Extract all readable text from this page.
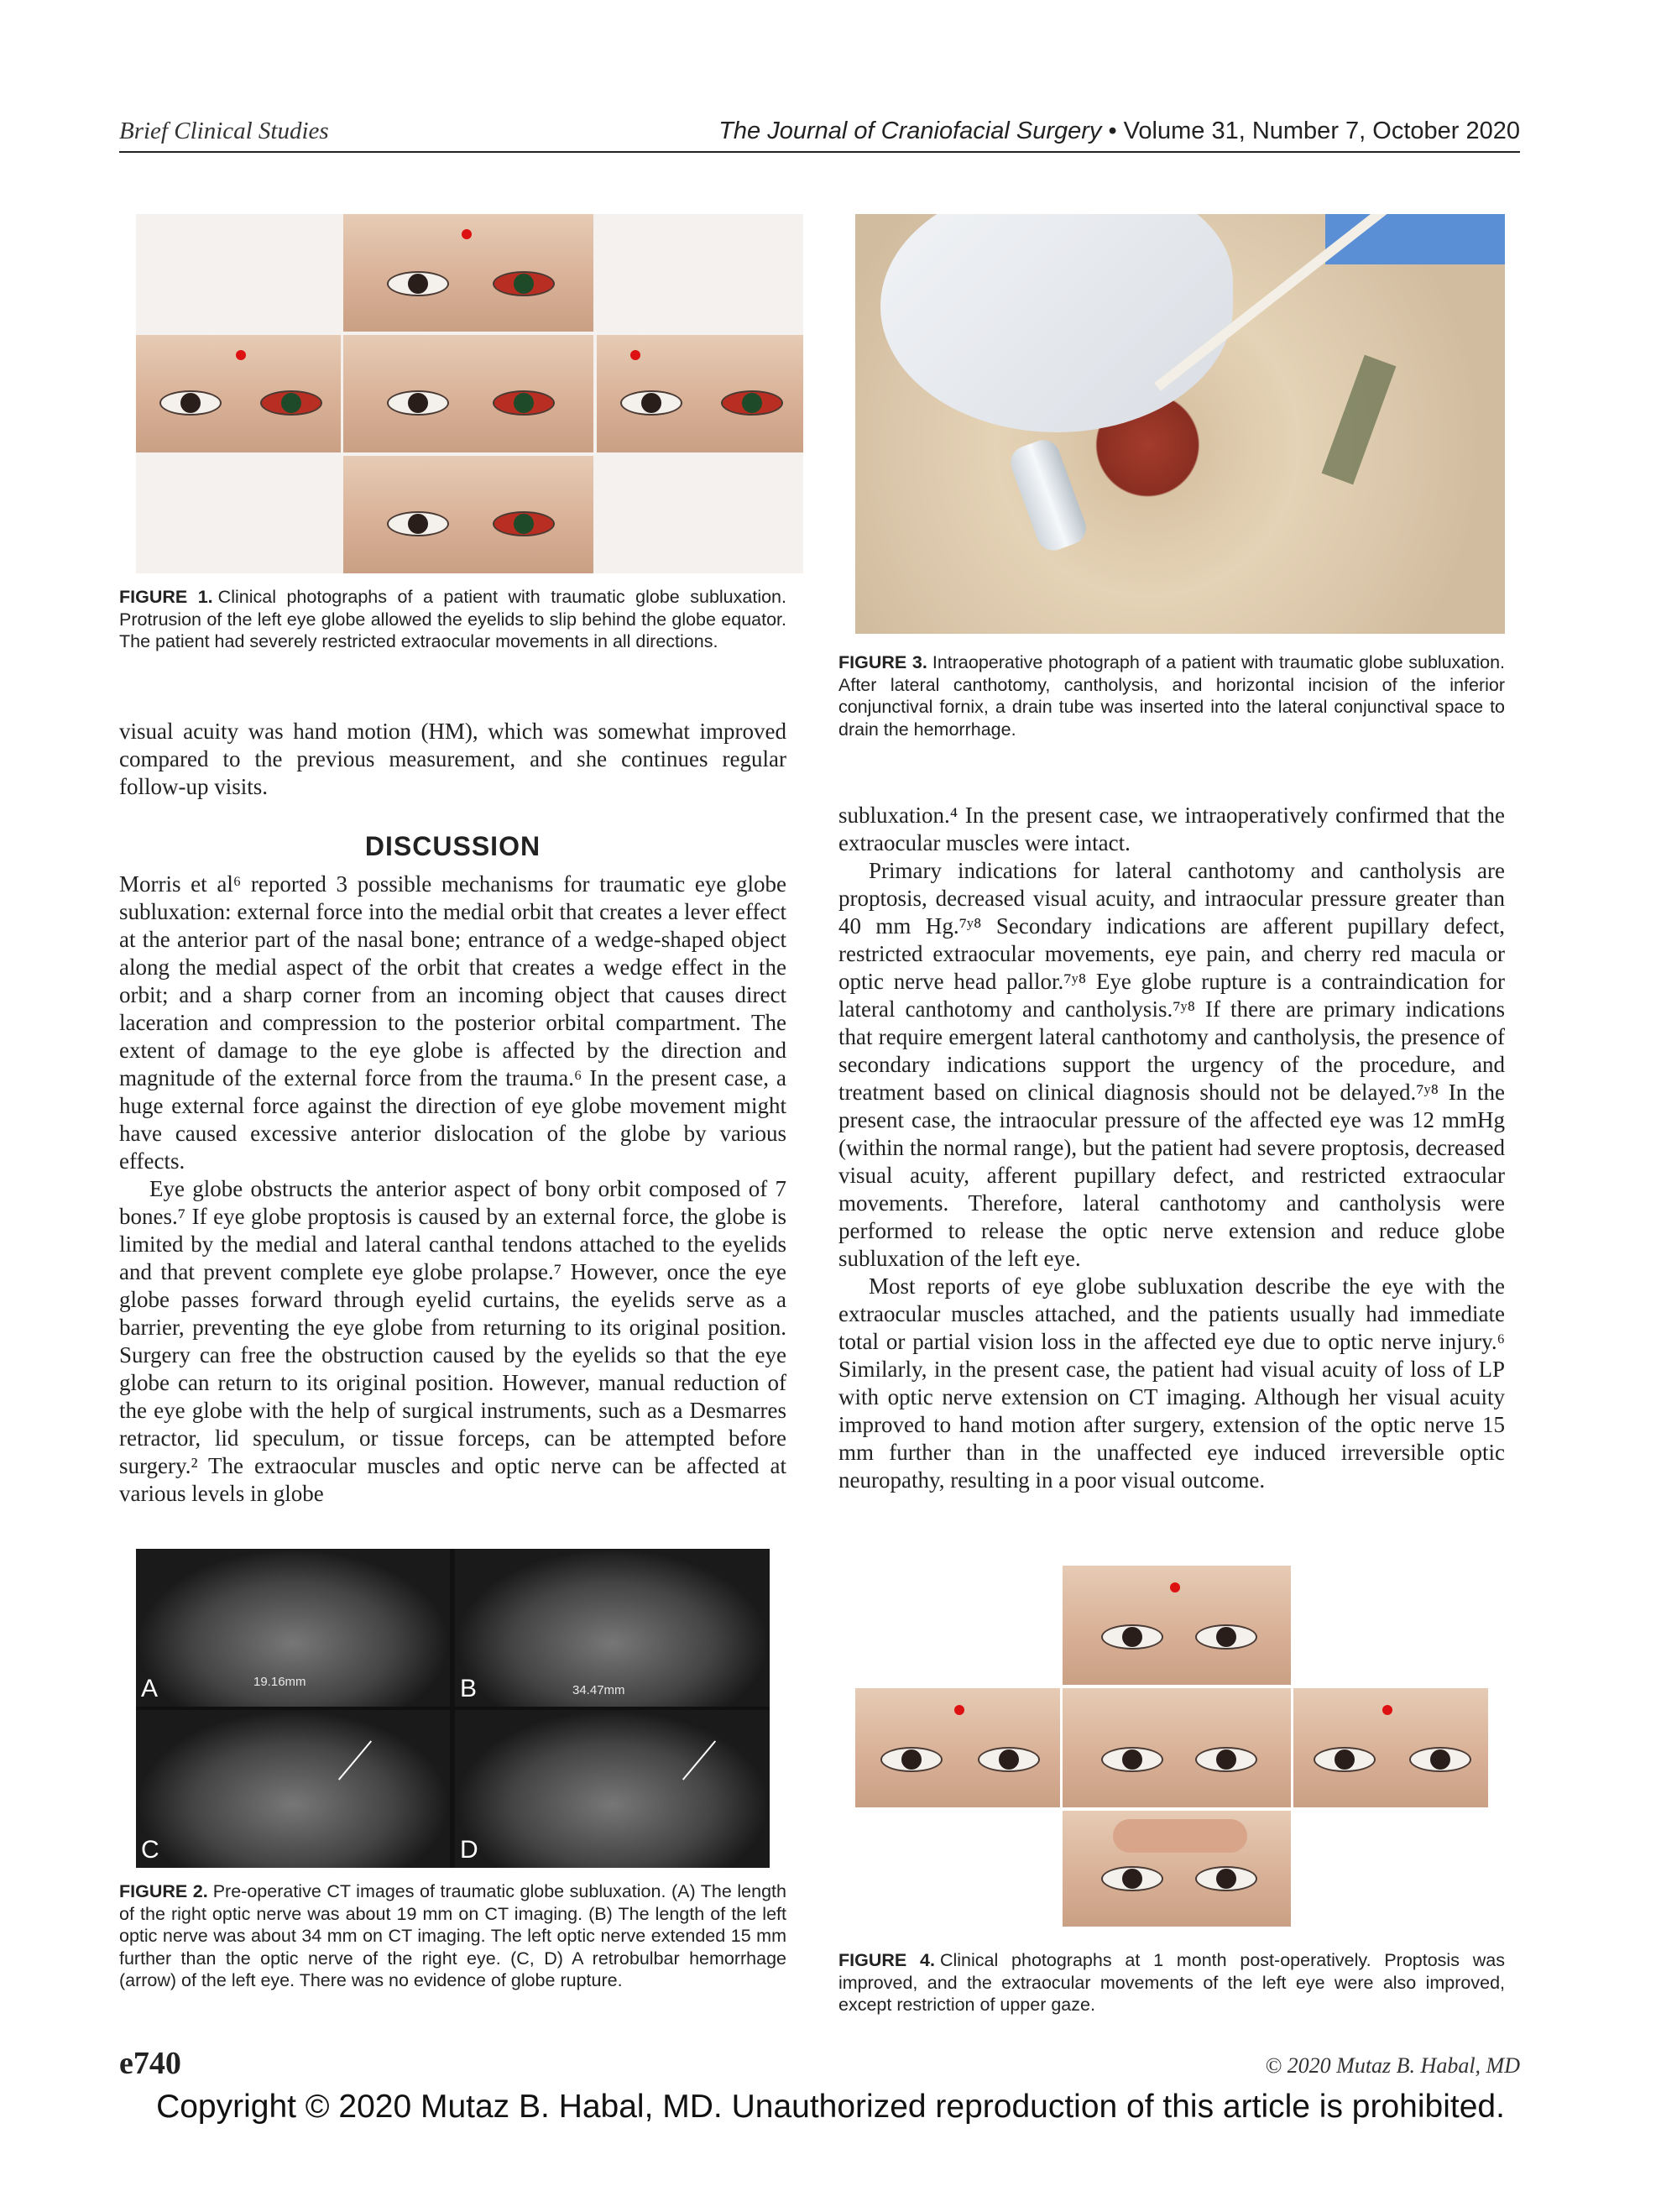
Brief Clinical Studies	The Journal of Craniofacial Surgery • Volume 31, Number 7, October 2020
FIGURE 1. Clinical photographs of a patient with traumatic globe subluxation. Protrusion of the left eye globe allowed the eyelids to slip behind the globe equator. The patient had severely restricted extraocular movements in all directions.
FIGURE 3. Intraoperative photograph of a patient with traumatic globe subluxation. After lateral canthotomy, cantholysis, and horizontal incision of the inferior conjunctival fornix, a drain tube was inserted into the lateral conjunctival space to drain the hemorrhage.

visual acuity was hand motion (HM), which was somewhat improved compared to the previous measurement, and she continues regular follow-up visits.

DISCUSSION

Morris et al⁶ reported 3 possible mechanisms for traumatic eye globe subluxation: external force into the medial orbit that creates a lever effect at the anterior part of the nasal bone; entrance of a wedge-shaped object along the medial aspect of the orbit that creates a wedge effect in the orbit; and a sharp corner from an incoming object that causes direct laceration and compression to the posterior orbital compartment. The extent of damage to the eye globe is affected by the direction and magnitude of the external force from the trauma.⁶ In the present case, a huge external force against the direction of eye globe movement might have caused excessive anterior dislocation of the globe by various effects.

Eye globe obstructs the anterior aspect of bony orbit composed of 7 bones.⁷ If eye globe proptosis is caused by an external force, the globe is limited by the medial and lateral canthal tendons attached to the eyelids and that prevent complete eye globe prolapse.⁷ However, once the eye globe passes forward through eyelid curtains, the eyelids serve as a barrier, preventing the eye globe from returning to its original position. Surgery can free the obstruction caused by the eyelids so that the eye globe can return to its original position. However, manual reduction of the eye globe with the help of surgical instruments, such as a Desmarres retractor, lid speculum, or tissue forceps, can be attempted before surgery.² The extraocular muscles and optic nerve can be affected at various levels in globe

subluxation.⁴ In the present case, we intraoperatively confirmed that the extraocular muscles were intact.

Primary indications for lateral canthotomy and cantholysis are proptosis, decreased visual acuity, and intraocular pressure greater than 40 mm Hg.⁷ʸ⁸ Secondary indications are afferent pupillary defect, restricted extraocular movements, eye pain, and cherry red macula or optic nerve head pallor.⁷ʸ⁸ Eye globe rupture is a contraindication for lateral canthotomy and cantholysis.⁷ʸ⁸ If there are primary indications that require emergent lateral canthotomy and cantholysis, the presence of secondary indications support the urgency of the procedure, and treatment based on clinical diagnosis should not be delayed.⁷ʸ⁸ In the present case, the intraocular pressure of the affected eye was 12 mmHg (within the normal range), but the patient had severe proptosis, decreased visual acuity, afferent pupillary defect, and restricted extraocular movements. Therefore, lateral canthotomy and cantholysis were performed to release the optic nerve extension and reduce globe subluxation of the left eye.

Most reports of eye globe subluxation describe the eye with the extraocular muscles attached, and the patients usually had immediate total or partial vision loss in the affected eye due to optic nerve injury.⁶ Similarly, in the present case, the patient had visual acuity of loss of LP with optic nerve extension on CT imaging. Although her visual acuity improved to hand motion after surgery, extension of the optic nerve 15 mm further than in the unaffected eye induced irreversible optic neuropathy, resulting in a poor visual outcome.

A	19.16mm	B	34.47mm
C	D
FIGURE 2. Pre-operative CT images of traumatic globe subluxation. (A) The length of the right optic nerve was about 19 mm on CT imaging. (B) The length of the left optic nerve was about 34 mm on CT imaging. The left optic nerve extended 15 mm further than the optic nerve of the right eye. (C, D) A retrobulbar hemorrhage (arrow) of the left eye. There was no evidence of globe rupture.
FIGURE 4. Clinical photographs at 1 month post-operatively. Proptosis was improved, and the extraocular movements of the left eye were also improved, except restriction of upper gaze.
e740	© 2020 Mutaz B. Habal, MD
Copyright © 2020 Mutaz B. Habal, MD. Unauthorized reproduction of this article is prohibited.
